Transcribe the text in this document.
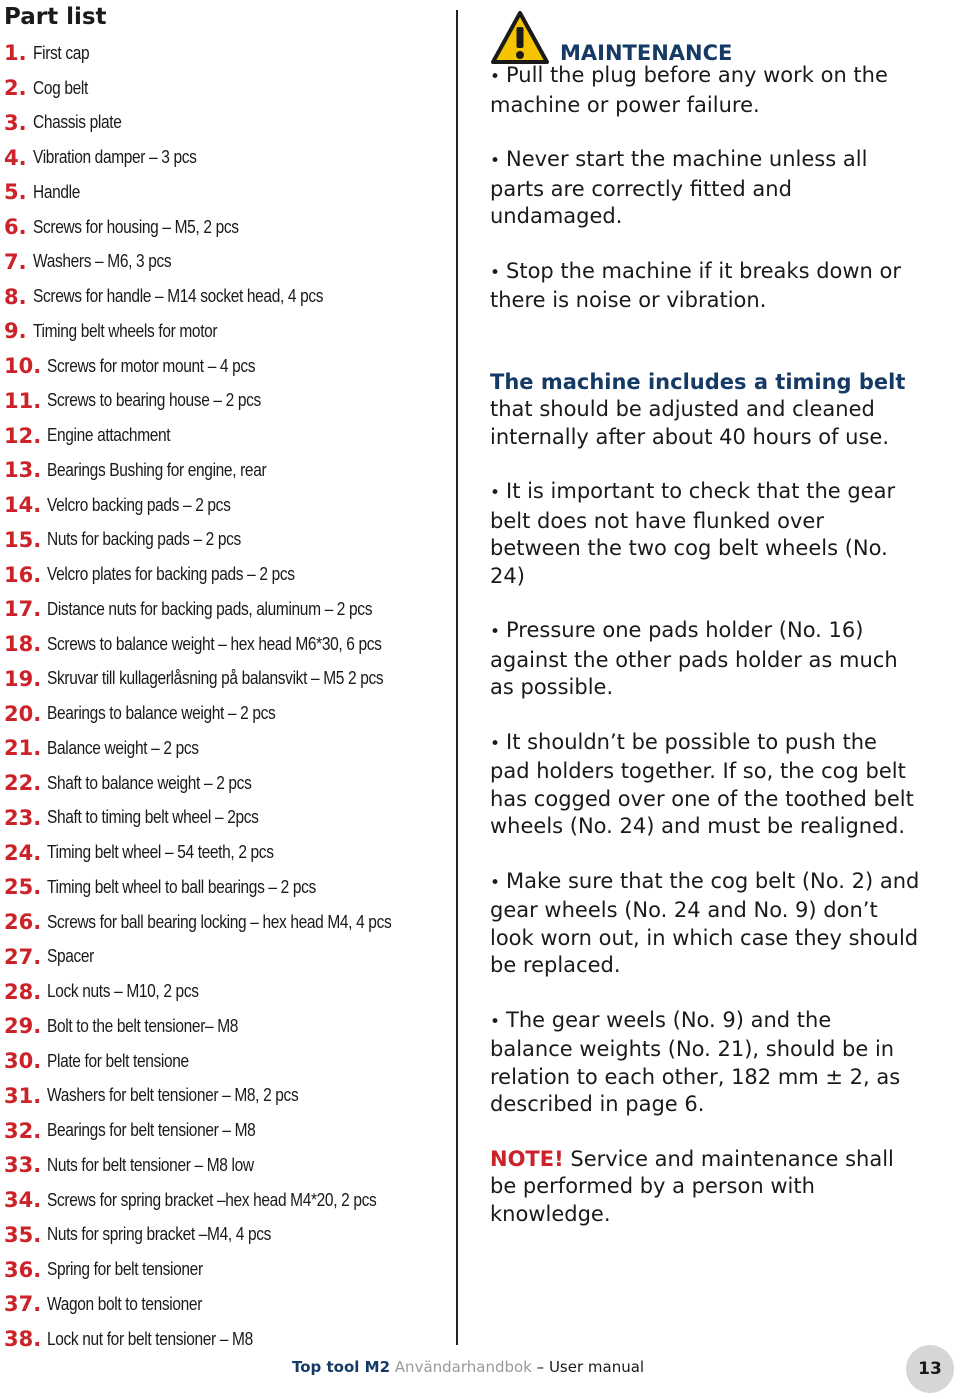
Part list
1. First cap
2. Cog belt
3. Chassis plate
4. Vibration damper – 3 pcs
5. Handle
6. Screws for housing – M5, 2 pcs
7. Washers – M6, 3 pcs
8. Screws for handle – M14 socket head, 4 pcs
9. Timing belt wheels for motor
10. Screws for motor mount – 4 pcs
11. Screws to bearing house – 2 pcs
12. Engine attachment
13. Bearings Bushing for engine, rear
14. Velcro backing pads – 2 pcs
15. Nuts for backing pads – 2 pcs
16. Velcro plates for backing pads – 2 pcs
17. Distance nuts for backing pads, aluminum – 2 pcs
18. Screws to balance weight – hex head M6*30, 6 pcs
19. Skruvar till kullagerlåsning på balansvikt – M5 2 pcs
20. Bearings to balance weight – 2 pcs
21. Balance weight – 2 pcs
22. Shaft to balance weight – 2 pcs
23. Shaft to timing belt wheel – 2pcs
24. Timing belt wheel – 54 teeth, 2 pcs
25. Timing belt wheel to ball bearings – 2 pcs
26. Screws for ball bearing locking – hex head M4, 4 pcs
27. Spacer
28. Lock nuts – M10, 2 pcs
29. Bolt to the belt tensioner– M8
30. Plate for belt tensione
31. Washers for belt tensioner – M8, 2 pcs
32. Bearings for belt tensioner – M8
33. Nuts for belt tensioner – M8 low
34. Screws for spring bracket –hex head M4*20, 2 pcs
35. Nuts for spring bracket –M4, 4 pcs
36. Spring for belt tensioner
37. Wagon bolt to tensioner
38. Lock nut for belt tensioner – M8
MAINTENANCE

• Pull the plug before any work on the machine or power failure.

• Never start the machine unless all parts are correctly fitted and undamaged.

• Stop the machine if it breaks down or there is noise or vibration.

The machine includes a timing belt that should be adjusted and cleaned internally after about 40 hours of use.

• It is important to check that the gear belt does not have flunked over between the two cog belt wheels (No. 24)

• Pressure one pads holder (No. 16) against the other pads holder as much as possible.

• It shouldn’t be possible to push the pad holders together. If so, the cog belt has cogged over one of the toothed belt wheels (No. 24) and must be realigned.

• Make sure that the cog belt (No. 2) and gear wheels (No. 24 and No. 9) don’t look worn out, in which case they should be replaced.

• The gear weels (No. 9) and the balance weights (No. 21), should be in relation to each other, 182 mm ± 2, as described in page 6.

NOTE! Service and maintenance shall be performed by a person with knowledge.

Top tool M2 Användarhandbok – User manual	13
